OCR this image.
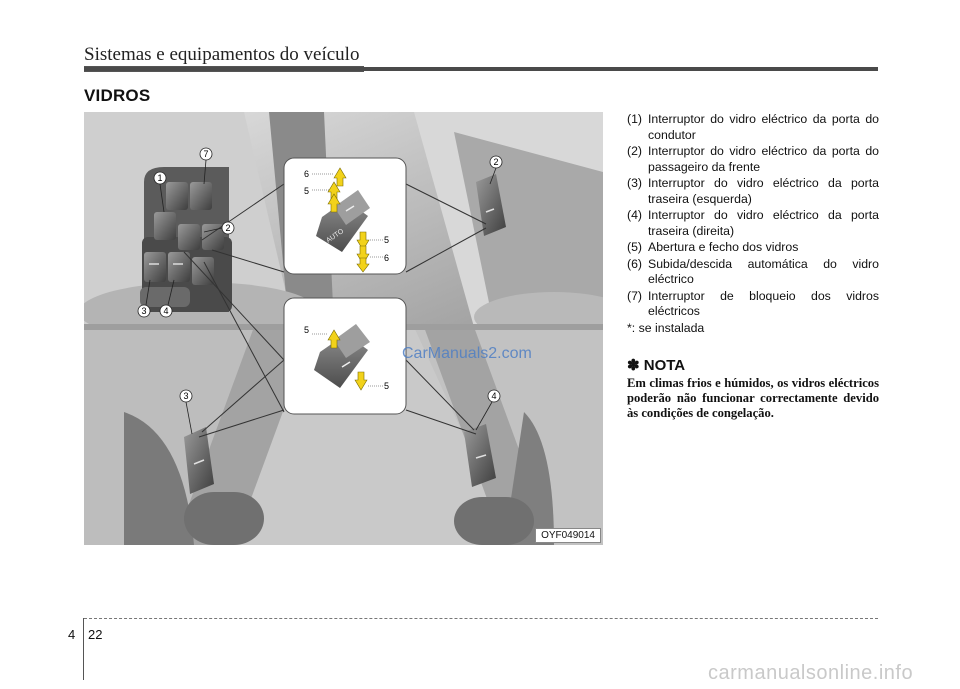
Sistemas e equipamentos do veículo
VIDROS
AUTO
6
5
5
6
5
5
1
7
2
3 4
2
3	4
OYF049014
CarManuals2.com
(1) Interruptor do vidro eléctrico da porta do condutor
(2) Interruptor do vidro eléctrico da porta do passageiro da frente
(3) Interruptor do vidro eléctrico da porta traseira (esquerda)
(4) Interruptor do vidro eléctrico da porta traseira (direita)
(5) Abertura e fecho dos vidros
(6) Subida/descida automática do vidro eléctrico
(7) Interruptor de bloqueio dos vidros eléctricos
*: se instalada
✽ NOTA
Em climas frios e húmidos, os vidros eléctricos poderão não funcionar correctamente devido às condições de congelação.
4 22
carmanualsonline.info
